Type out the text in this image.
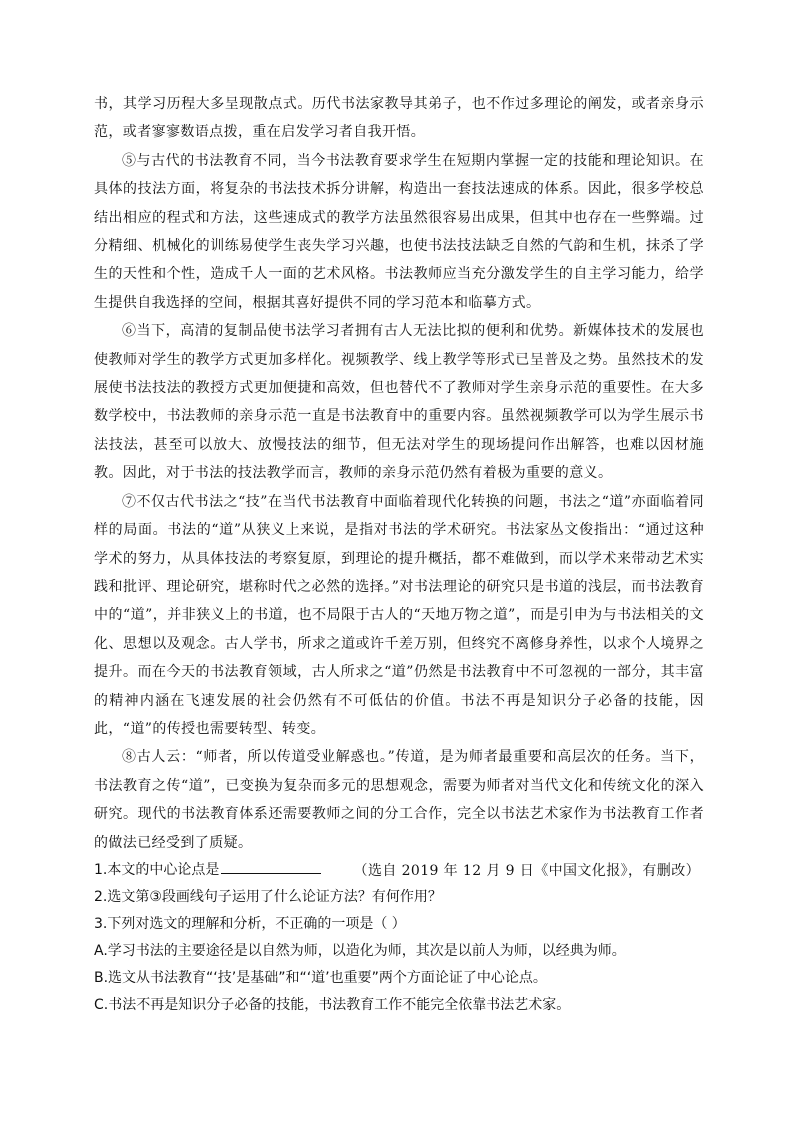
书，其学习历程大多呈现散点式。历代书法家教导其弟子，也不作过多理论的阐发，或者亲身示范，或者寥寥数语点拨，重在启发学习者自我开悟。

⑤与古代的书法教育不同，当今书法教育要求学生在短期内掌握一定的技能和理论知识。在具体的技法方面，将复杂的书法技术拆分讲解，构造出一套技法速成的体系。因此，很多学校总结出相应的程式和方法，这些速成式的教学方法虽然很容易出成果，但其中也存在一些弊端。过分精细、机械化的训练易使学生丧失学习兴趣，也使书法技法缺乏自然的气韵和生机，抹杀了学生的天性和个性，造成千人一面的艺术风格。书法教师应当充分激发学生的自主学习能力，给学生提供自我选择的空间，根据其喜好提供不同的学习范本和临摹方式。

⑥当下，高清的复制品使书法学习者拥有古人无法比拟的便利和优势。新媒体技术的发展也使教师对学生的教学方式更加多样化。视频教学、线上教学等形式已呈普及之势。虽然技术的发展使书法技法的教授方式更加便捷和高效，但也替代不了教师对学生亲身示范的重要性。在大多数学校中，书法教师的亲身示范一直是书法教育中的重要内容。虽然视频教学可以为学生展示书法技法，甚至可以放大、放慢技法的细节，但无法对学生的现场提问作出解答，也难以因材施教。因此，对于书法的技法教学而言，教师的亲身示范仍然有着极为重要的意义。

⑦不仅古代书法之“技”在当代书法教育中面临着现代化转换的问题，书法之“道”亦面临着同样的局面。书法的“道”从狭义上来说，是指对书法的学术研究。书法家丛文俊指出：“通过这种学术的努力，从具体技法的考察复原，到理论的提升概括，都不难做到，而以学术来带动艺术实践和批评、理论研究，堪称时代之必然的选择。”对书法理论的研究只是书道的浅层，而书法教育中的“道”，并非狭义上的书道，也不局限于古人的“天地万物之道”，而是引申为与书法相关的文化、思想以及观念。古人学书，所求之道或许千差万别，但终究不离修身养性，以求个人境界之提升。而在今天的书法教育领域，古人所求之“道”仍然是书法教育中不可忽视的一部分，其丰富的精神内涵在飞速发展的社会仍然有不可低估的价值。书法不再是知识分子必备的技能，因此，“道”的传授也需要转型、转变。

⑧古人云：“师者，所以传道受业解惑也。”传道，是为师者最重要和高层次的任务。当下，书法教育之传“道”，已变换为复杂而多元的思想观念，需要为师者对当代文化和传统文化的深入研究。现代的书法教育体系还需要教师之间的分工合作，完全以书法艺术家作为书法教育工作者的做法已经受到了质疑。

（选自 2019 年 12 月 9 日《中国文化报》，有删改）

1.本文的中心论点是

2.选文第③段画线句子运用了什么论证方法？有何作用？

3.下列对选文的理解和分析，不正确的一项是（ ）

A.学习书法的主要途径是以自然为师，以造化为师，其次是以前人为师，以经典为师。

B.选文从书法教育“‘技’是基础”和“‘道’也重要”两个方面论证了中心论点。

C.书法不再是知识分子必备的技能，书法教育工作不能完全依靠书法艺术家。
